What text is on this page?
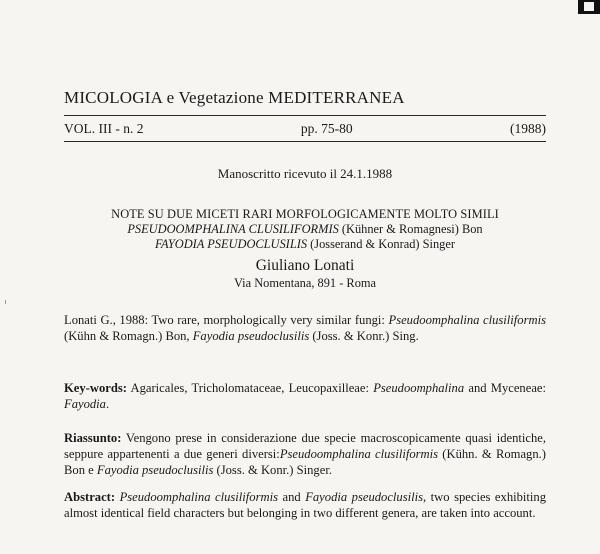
MICOLOGIA e Vegetazione MEDITERRANEA
VOL. III - n. 2	pp. 75-80	(1988)
Manoscritto ricevuto il 24.1.1988
NOTE SU DUE MICETI RARI MORFOLOGICAMENTE MOLTO SIMILI
PSEUDOOMPHALINA CLUSILIFORMIS (Kühner & Romagnesi) Bon
FAYODIA PSEUDOCLUSILIS (Josserand & Konrad) Singer
Giuliano Lonati
Via Nomentana, 891 - Roma
Lonati G., 1988: Two rare, morphologically very similar fungi: Pseudoomphalina clusiliformis (Kühn & Romagn.) Bon, Fayodia pseudoclusilis (Joss. & Konr.) Sing.
Key-words: Agaricales, Tricholomataceae, Leucopaxilleae: Pseudoomphalina and Myceneae: Fayodia.
Riassunto: Vengono prese in considerazione due specie macroscopicamente quasi identiche, seppure appartenenti a due generi diversi:Pseudoomphalina clusiliformis (Kühn. & Romagn.) Bon e Fayodia pseudoclusilis (Joss. & Konr.) Singer.
Abstract: Pseudoomphalina clusiliformis and Fayodia pseudoclusilis, two species exhibiting almost identical field characters but belonging in two different genera, are taken into account.
